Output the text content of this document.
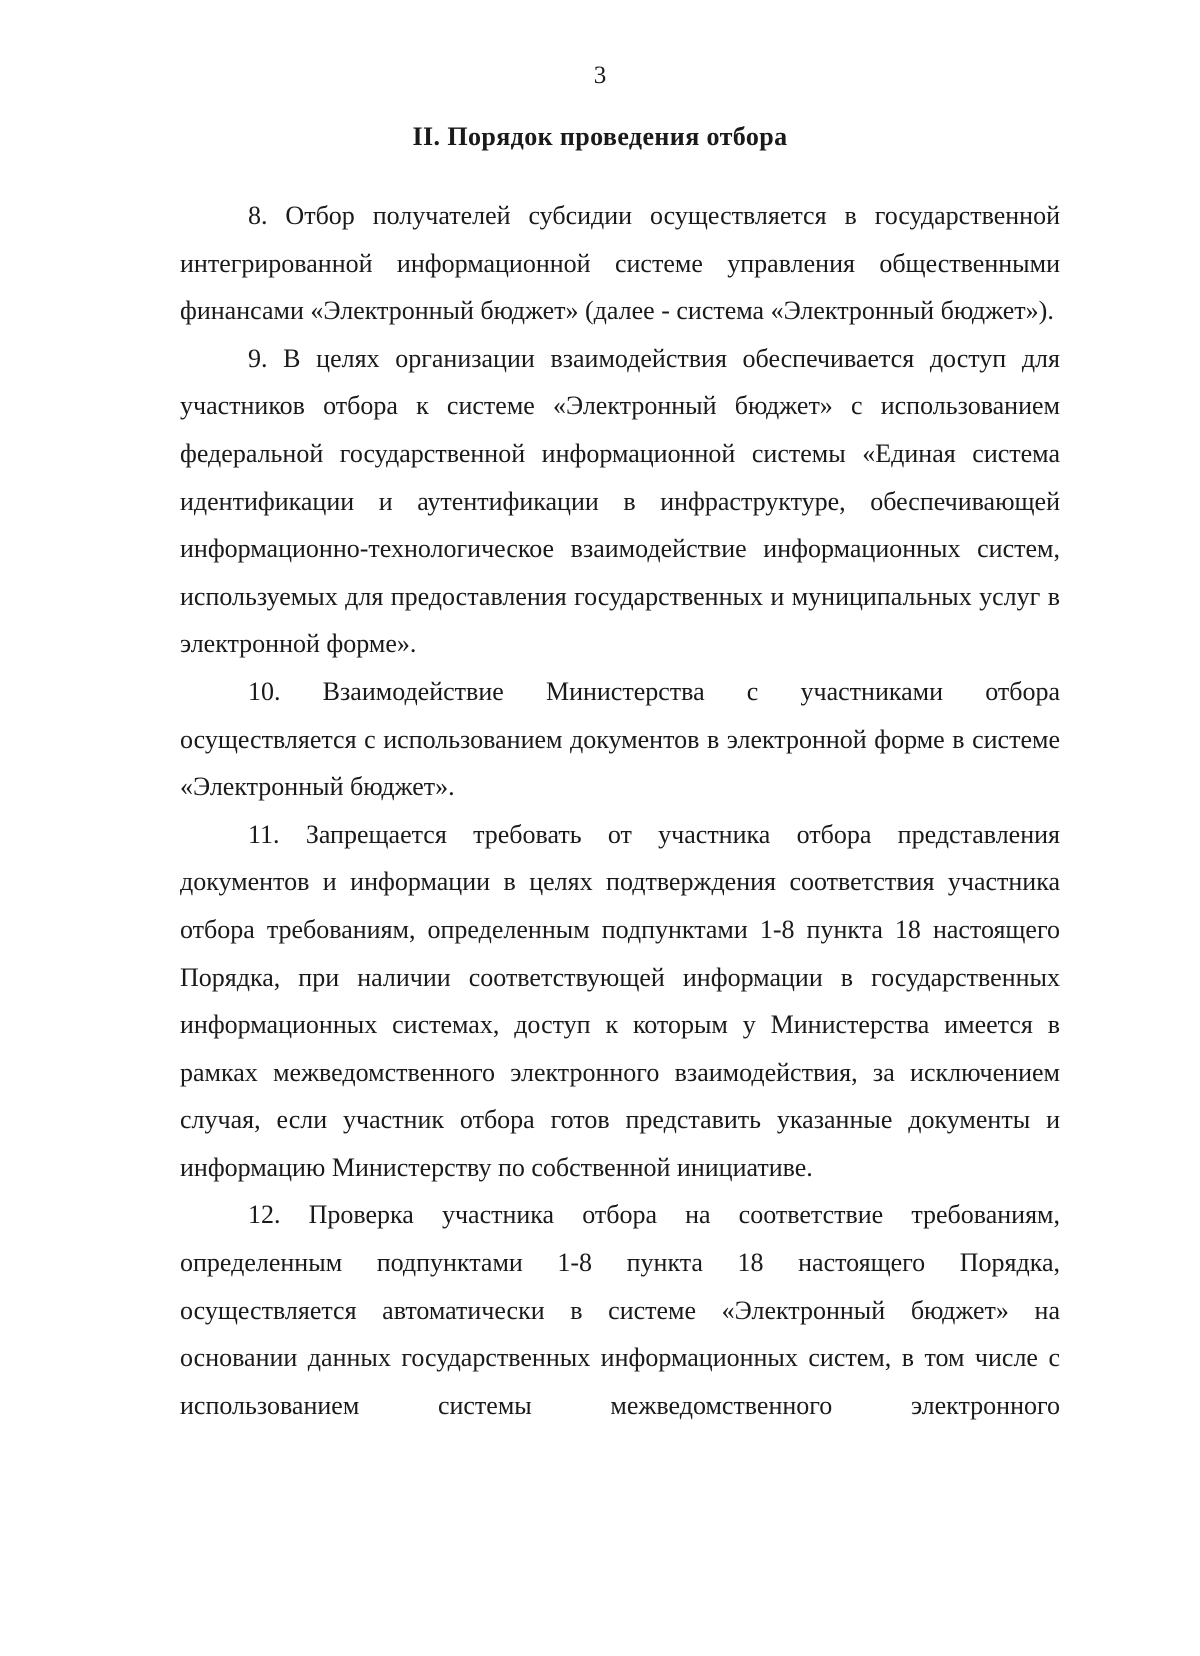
3
II. Порядок проведения отбора

8. Отбор получателей субсидии осуществляется в государственной интегрированной информационной системе управления общественными финансами «Электронный бюджет» (далее - система «Электронный бюджет»).

9. В целях организации взаимодействия обеспечивается доступ для участников отбора к системе «Электронный бюджет» с использованием федеральной государственной информационной системы «Единая система идентификации и аутентификации в инфраструктуре, обеспечивающей информационно-технологическое взаимодействие информационных систем, используемых для предоставления государственных и муниципальных услуг в электронной форме».

10. Взаимодействие Министерства с участниками отбора осуществляется с использованием документов в электронной форме в системе «Электронный бюджет».

11. Запрещается требовать от участника отбора представления документов и информации в целях подтверждения соответствия участника отбора требованиям, определенным подпунктами 1-8 пункта 18 настоящего Порядка, при наличии соответствующей информации в государственных информационных системах, доступ к которым у Министерства имеется в рамках межведомственного электронного взаимодействия, за исключением случая, если участник отбора готов представить указанные документы и информацию Министерству по собственной инициативе.

12. Проверка участника отбора на соответствие требованиям, определенным подпунктами 1-8 пункта 18 настоящего Порядка, осуществляется автоматически в системе «Электронный бюджет» на основании данных государственных информационных систем, в том числе с использованием системы межведомственного электронного
